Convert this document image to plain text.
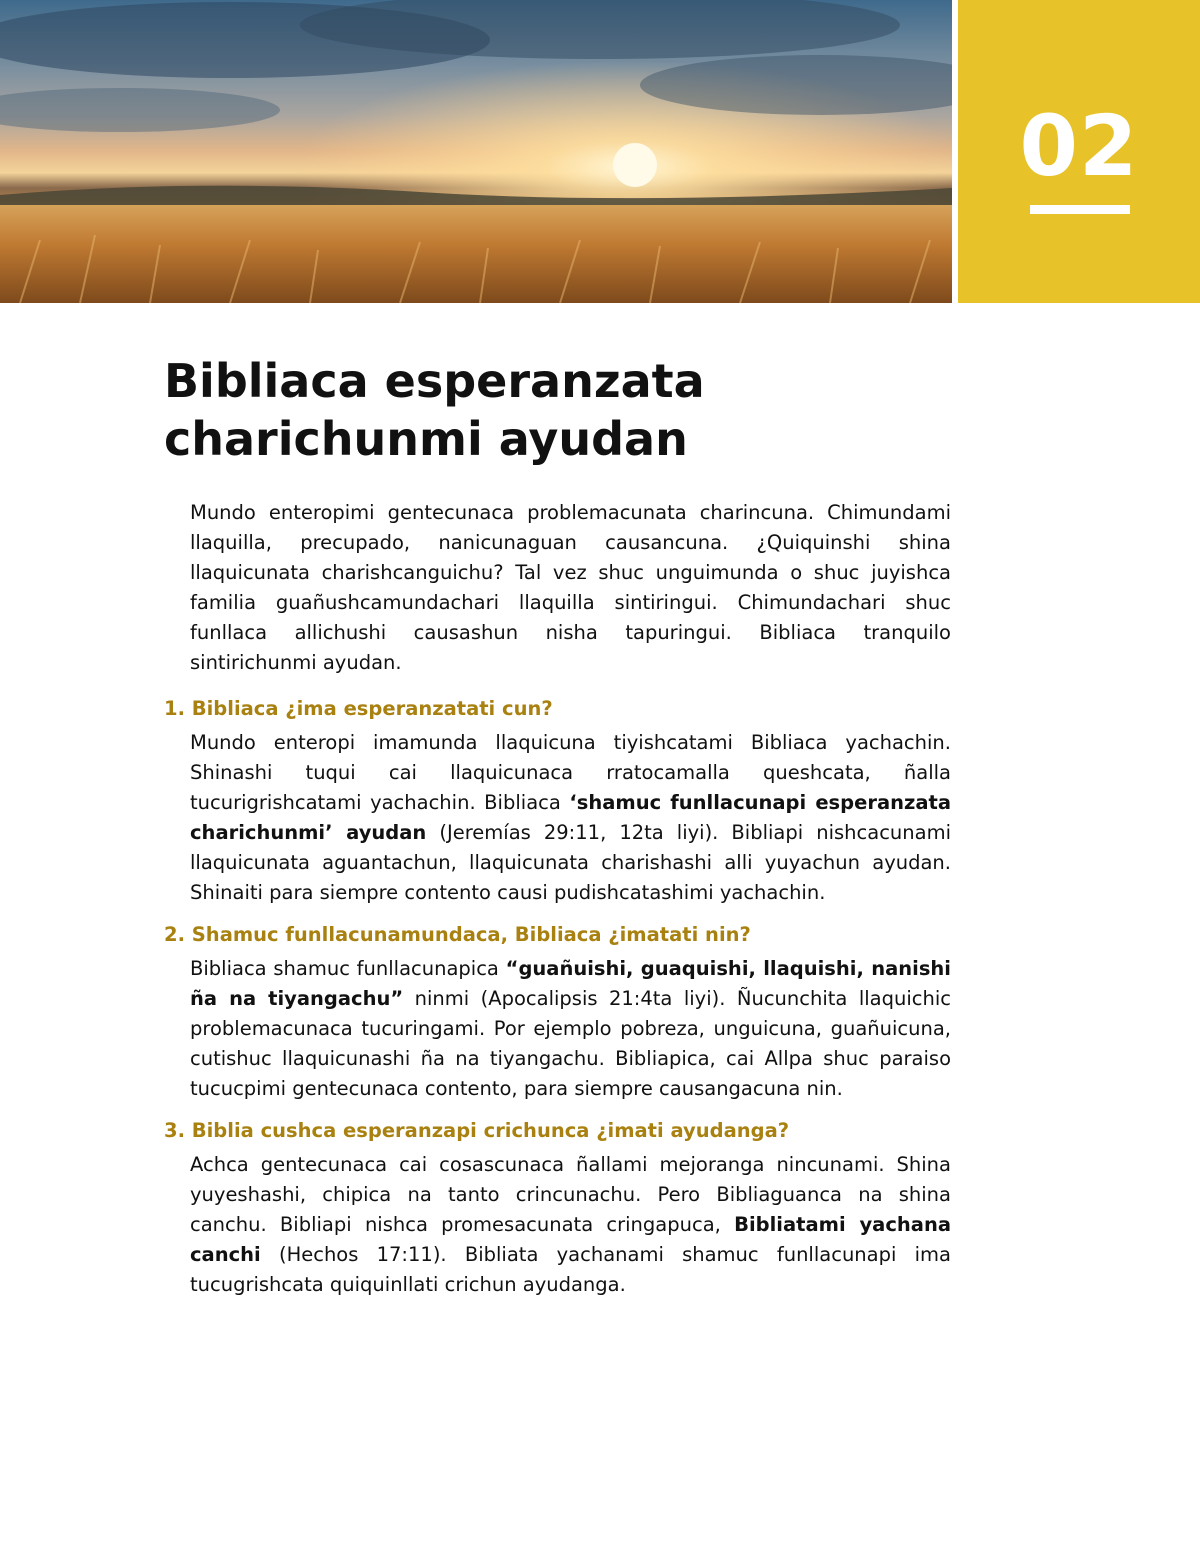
02
Bibliaca esperanzata
charichunmi ayudan

Mundo enteropimi gentecunaca problemacunata charincuna. Chimundami llaquilla, precupado, nanicunaguan causancuna. ¿Quiquinshi shina llaquicunata charishcanguichu? Tal vez shuc unguimunda o shuc juyishca familia guañushcamundachari llaquilla sintiringui. Chimundachari shuc funllaca allichushi causashun nisha tapuringui. Bibliaca tranquilo sintirichunmi ayudan.

1. Bibliaca ¿ima esperanzatati cun?

Mundo enteropi imamunda llaquicuna tiyishcatami Bibliaca yachachin. Shinashi tuqui cai llaquicunaca rratocamalla queshcata, ñalla tucurigrishcatami yachachin. Bibliaca ‘shamuc funllacunapi esperanzata charichunmi’ ayudan (Jeremías 29:11, 12ta liyi). Bibliapi nishcacunami llaquicunata aguantachun, llaquicunata charishashi alli yuyachun ayudan. Shinaiti para siempre contento causi pudishcatashimi yachachin.

2. Shamuc funllacunamundaca, Bibliaca ¿imatati nin?

Bibliaca shamuc funllacunapica “guañuishi, guaquishi, llaquishi, nanishi ña na tiyangachu” ninmi (Apocalipsis 21:4ta liyi). Ñucunchita llaquichic problemacunaca tucuringami. Por ejemplo pobreza, unguicuna, guañuicuna, cutishuc llaquicunashi ña na tiyangachu. Bibliapica, cai Allpa shuc paraiso tucucpimi gentecunaca contento, para siempre causangacuna nin.

3. Biblia cushca esperanzapi crichunca ¿imati ayudanga?

Achca gentecunaca cai cosascunaca ñallami mejoranga nincunami. Shina yuyeshashi, chipica na tanto crincunachu. Pero Bibliaguanca na shina canchu. Bibliapi nishca promesacunata cringapuca, Bibliatami yachana canchi (Hechos 17:11). Bibliata yachanami shamuc funllacunapi ima tucugrishcata quiquinllati crichun ayudanga.
